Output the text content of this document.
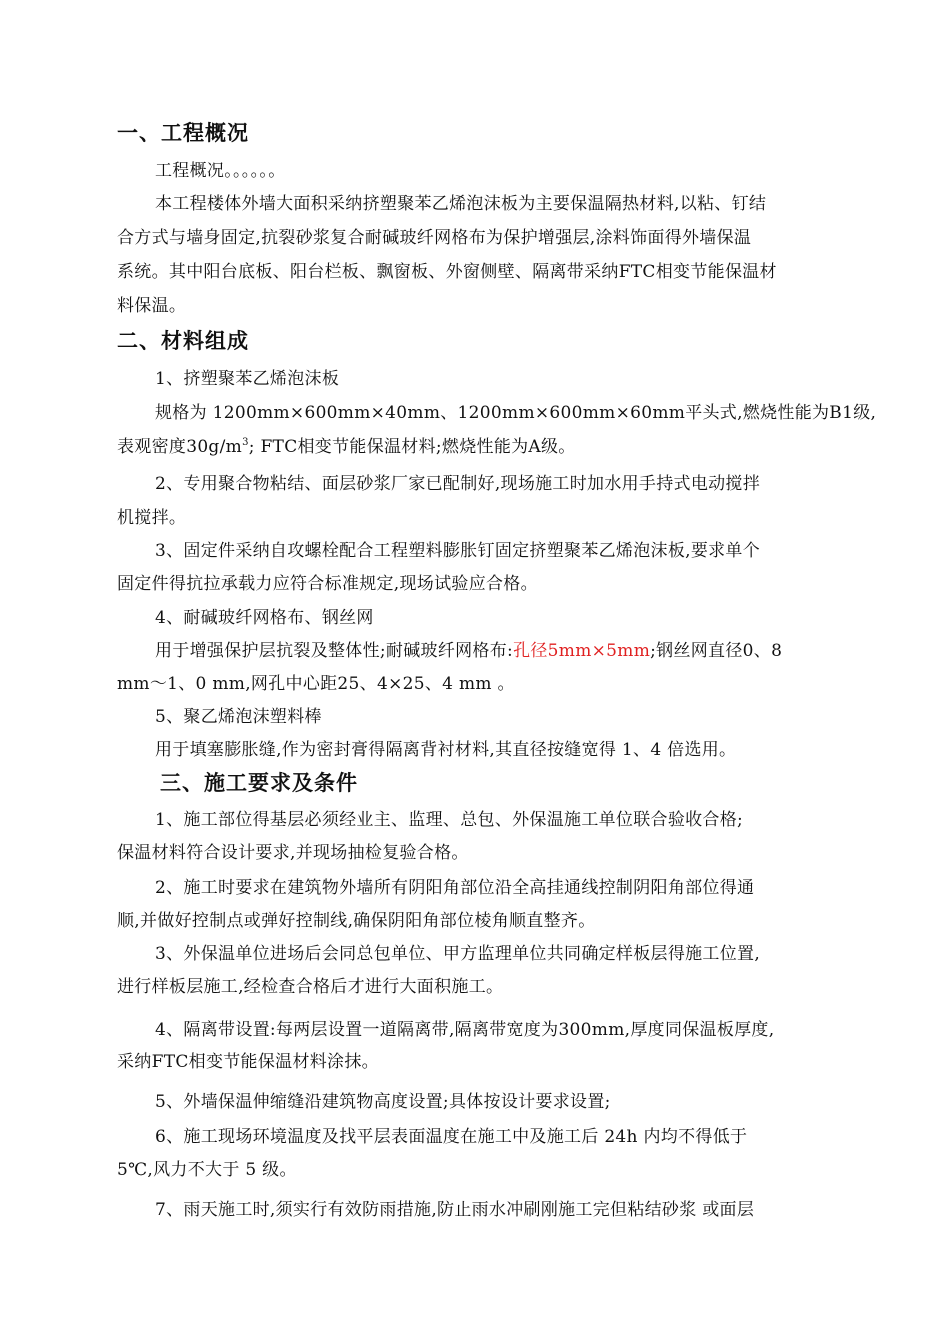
一、工程概况
工程概况。。。。。。
本工程楼体外墙大面积采纳挤塑聚苯乙烯泡沫板为主要保温隔热材料,以粘、钉结
合方式与墙身固定,抗裂砂浆复合耐碱玻纤网格布为保护增强层,涂料饰面得外墙保温
系统。其中阳台底板、阳台栏板、飘窗板、外窗侧壁、隔离带采纳FTC相变节能保温材
料保温。
二、材料组成
1、挤塑聚苯乙烯泡沫板
规格为 1200mm×600mm×40mm、1200mm×600mm×60mm平头式,燃烧性能为B1级,
表观密度$30g/m^3$; FTC相变节能保温材料;燃烧性能为A级。
2、专用聚合物粘结、面层砂浆厂家已配制好,现场施工时加水用手持式电动搅拌
机搅拌。
3、固定件采纳自攻螺栓配合工程塑料膨胀钉固定挤塑聚苯乙烯泡沫板,要求单个
固定件得抗拉承载力应符合标准规定,现场试验应合格。
4、耐碱玻纤网格布、钢丝网
用于增强保护层抗裂及整体性;耐碱玻纤网格布:孔径5mm×5mm;钢丝网直径0、8
mm～1、0 mm,网孔中心距25、4×25、4 mm 。
5、聚乙烯泡沫塑料棒
用于填塞膨胀缝,作为密封膏得隔离背衬材料,其直径按缝宽得 1、4 倍选用。
三、施工要求及条件
1、施工部位得基层必须经业主、监理、总包、外保温施工单位联合验收合格;
保温材料符合设计要求,并现场抽检复验合格。
2、施工时要求在建筑物外墙所有阴阳角部位沿全高挂通线控制阴阳角部位得通
顺,并做好控制点或弹好控制线,确保阴阳角部位棱角顺直整齐。
3、外保温单位进场后会同总包单位、甲方监理单位共同确定样板层得施工位置,
进行样板层施工,经检查合格后才进行大面积施工。
4、隔离带设置:每两层设置一道隔离带,隔离带宽度为300mm,厚度同保温板厚度,
采纳FTC相变节能保温材料涂抹。
5、外墙保温伸缩缝沿建筑物高度设置;具体按设计要求设置;
6、施工现场环境温度及找平层表面温度在施工中及施工后 24h 内均不得低于
5℃,风力不大于 5 级。
7、雨天施工时,须实行有效防雨措施,防止雨水冲刷刚施工完但粘结砂浆 或面层
